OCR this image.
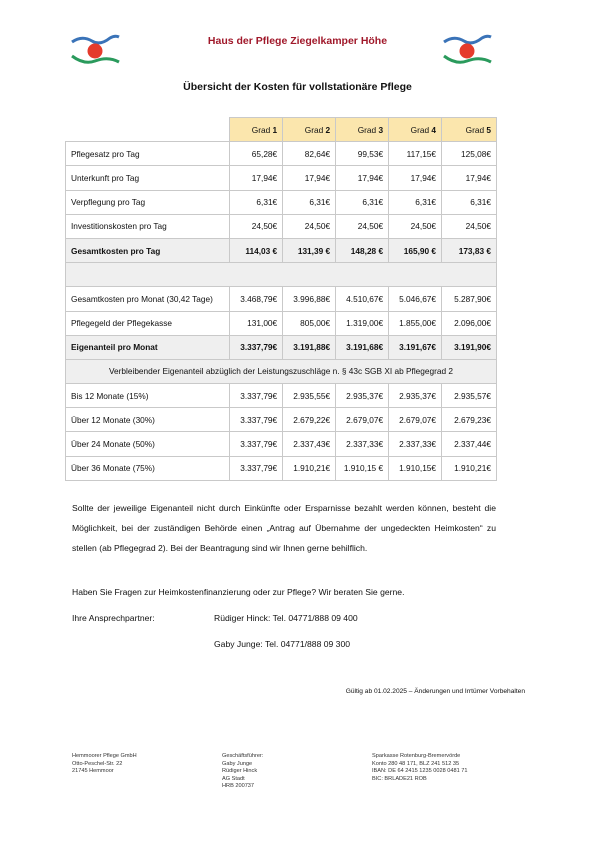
Haus der Pflege Ziegelkamper Höhe
Übersicht der Kosten für vollstationäre Pflege
	Grad 1	Grad 2	Grad 3	Grad 4	Grad 5
Pflegesatz pro Tag	65,28€	82,64€	99,53€	117,15€	125,08€
Unterkunft pro Tag	17,94€	17,94€	17,94€	17,94€	17,94€
Verpflegung pro Tag	6,31€	6,31€	6,31€	6,31€	6,31€
Investitionskosten pro Tag	24,50€	24,50€	24,50€	24,50€	24,50€
Gesamtkosten pro Tag	114,03 €	131,39 €	148,28 €	165,90 €	173,83 €

Gesamtkosten pro Monat (30,42 Tage)	3.468,79€	3.996,88€	4.510,67€	5.046,67€	5.287,90€
Pflegegeld der Pflegekasse	131,00€	805,00€	1.319,00€	1.855,00€	2.096,00€
Eigenanteil pro Monat	3.337,79€	3.191,88€	3.191,68€	3.191,67€	3.191,90€
Verbleibender Eigenanteil abzüglich der Leistungszuschläge n. § 43c SGB XI ab Pflegegrad 2					
Bis 12 Monate (15%)	3.337,79€	2.935,55€	2.935,37€	2.935,37€	2.935,57€
Über 12 Monate (30%)	3.337,79€	2.679,22€	2.679,07€	2.679,07€	2.679,23€
Über 24 Monate (50%)	3.337,79€	2.337,43€	2.337,33€	2.337,33€	2.337,44€
Über 36 Monate (75%)	3.337,79€	1.910,21€	1.910,15 €	1.910,15€	1.910,21€
Sollte der jeweilige Eigenanteil nicht durch Einkünfte oder Ersparnisse bezahlt werden können, besteht die Möglichkeit, bei der zuständigen Behörde einen „Antrag auf Übernahme der ungedeckten Heimkosten“ zu stellen (ab Pflegegrad 2). Bei der Beantragung sind wir Ihnen gerne behilflich.
Haben Sie Fragen zur Heimkostenfinanzierung oder zur Pflege? Wir beraten Sie gerne.
Ihre Ansprechpartner:	Rüdiger Hinck: Tel. 04771/888 09 400
Gaby Junge: Tel. 04771/888 09 300
Gültig ab 01.02.2025 – Änderungen und Irrtümer Vorbehalten
Hemmoorer Pflege GmbH
Otto-Peschel-Str. 22
21745 Hemmoor
Geschäftsführer:
Gaby Junge
Rüdiger Hinck
AG Stadt
HRB 200737
Sparkasse Rotenburg-Bremervörde
Konto 280 48 171, BLZ 241 512 35
IBAN: DE 64 2415 1235 0028 0481 71
BIC: BRLADE21 ROB
